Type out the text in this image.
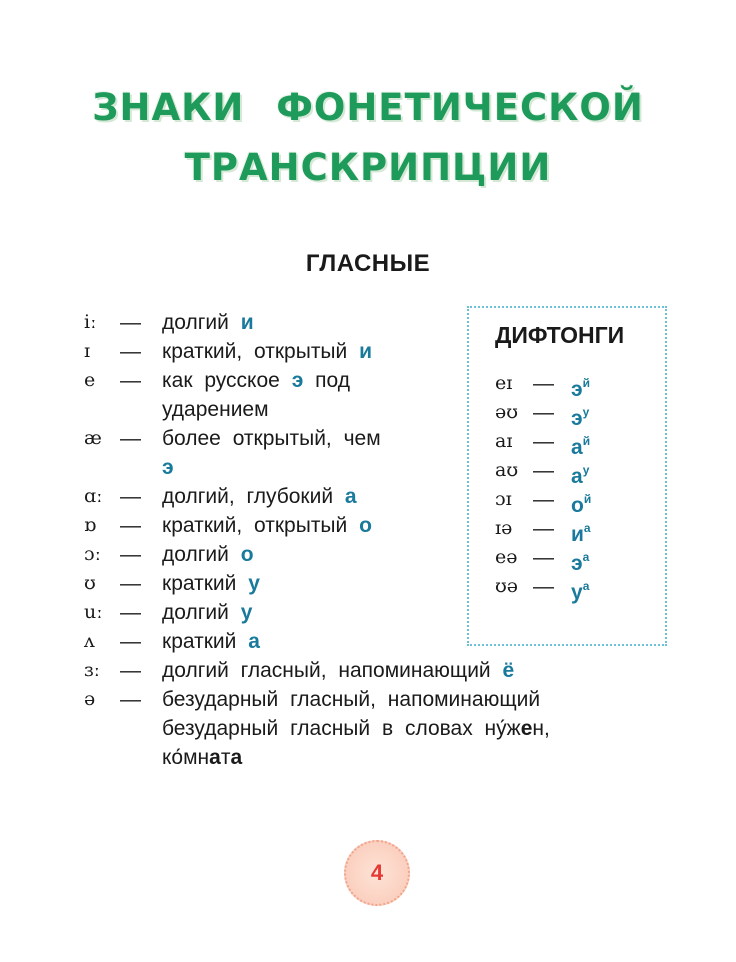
ЗНАКИ ФОНЕТИЧЕСКОЙ
ТРАНСКРИПЦИИ
ГЛАСНЫЕ
iː — долгий и
ɪ — краткий, открытый и
e — как русское э под
ударением
æ — более открытый, чем
э
ɑː — долгий, глубокий а
ɒ — краткий, открытый о
ɔː — долгий о
ʊ — краткий у
uː — долгий у
ʌ — краткий а
ɜː — долгий гласный, напоминающий ё
ə — безударный гласный, напоминающий
безударный гласный в словах ну́жен,
ко́мната
ДИФТОНГИ
eɪ — $э^й$
əʊ — $э^у$
aɪ — $а^й$
aʊ — $а^у$
ɔɪ — $о^й$
ɪə — $и^а$
eə — $э^а$
ʊə — $у^а$
4
